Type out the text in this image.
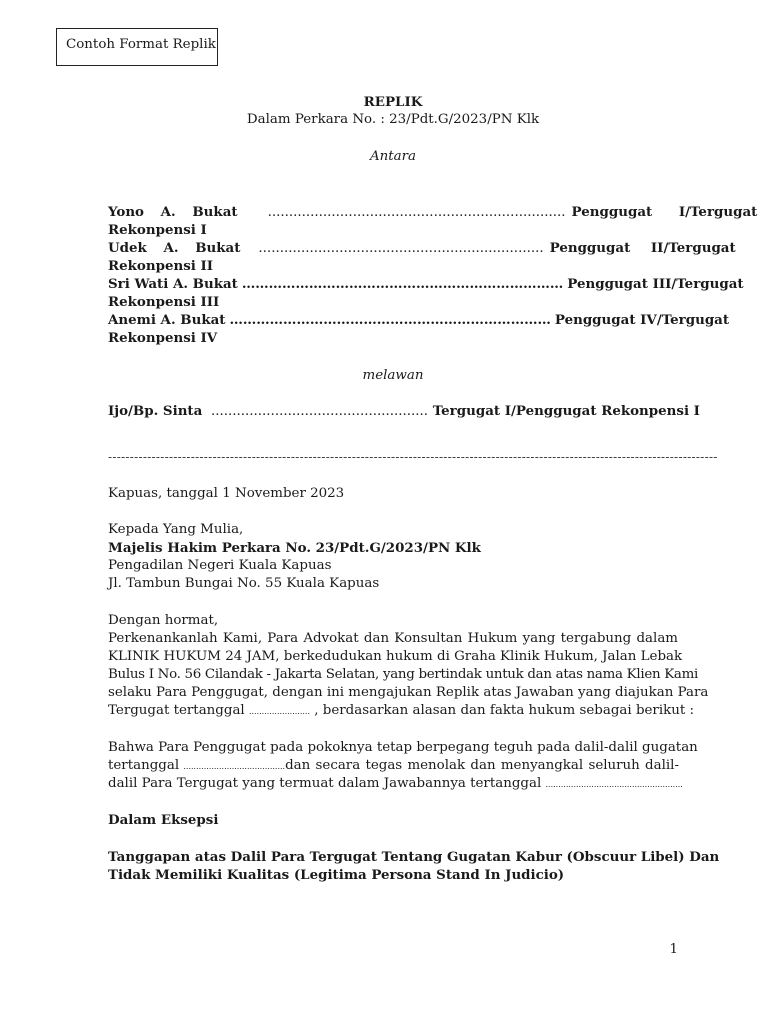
Contoh Format Replik
REPLIK
Dalam Perkara No. : 23/Pdt.G/2023/PN Klk
Antara
Yono A. Bukat	...................................................................... Penggugat I/Tergugat
Rekonpensi I
Udek A. Bukat	................................................................... Penggugat II/Tergugat
Rekonpensi II
Sri Wati A. Bukat ……………………………………………………………… Penggugat III/Tergugat
Rekonpensi III
Anemi A. Bukat ……………………………………………………………… Penggugat IV/Tergugat
Rekonpensi IV
melawan
Ijo/Bp. Sinta ................................................... Tergugat I/Penggugat Rekonpensi I
--------------------------------------------------------------------------------------------------------------------------------------------
Kapuas, tanggal 1 November 2023
Kepada Yang Mulia,
Majelis Hakim Perkara No. 23/Pdt.G/2023/PN Klk
Pengadilan Negeri Kuala Kapuas
Jl. Tambun Bungai No. 55 Kuala Kapuas
Dengan hormat,
Perkenankanlah Kami, Para Advokat dan Konsultan Hukum yang tergabung dalam
KLINIK HUKUM 24 JAM, berkedudukan hukum di Graha Klinik Hukum, Jalan Lebak
Bulus I No. 56 Cilandak - Jakarta Selatan, yang bertindak untuk dan atas nama Klien Kami
selaku Para Penggugat, dengan ini mengajukan Replik atas Jawaban yang diajukan Para
Tergugat tertanggal ........................ , berdasarkan alasan dan fakta hukum sebagai berikut :
Bahwa Para Penggugat pada pokoknya tetap berpegang teguh pada dalil-dalil gugatan
tertanggal ........................................ dan secara tegas menolak dan menyangkal seluruh dalil-
dalil Para Tergugat yang termuat dalam Jawabannya tertanggal ......................................................
Dalam Eksepsi
Tanggapan atas Dalil Para Tergugat Tentang Gugatan Kabur (Obscuur Libel) Dan
Tidak Memiliki Kualitas (Legitima Persona Stand In Judicio)
1
